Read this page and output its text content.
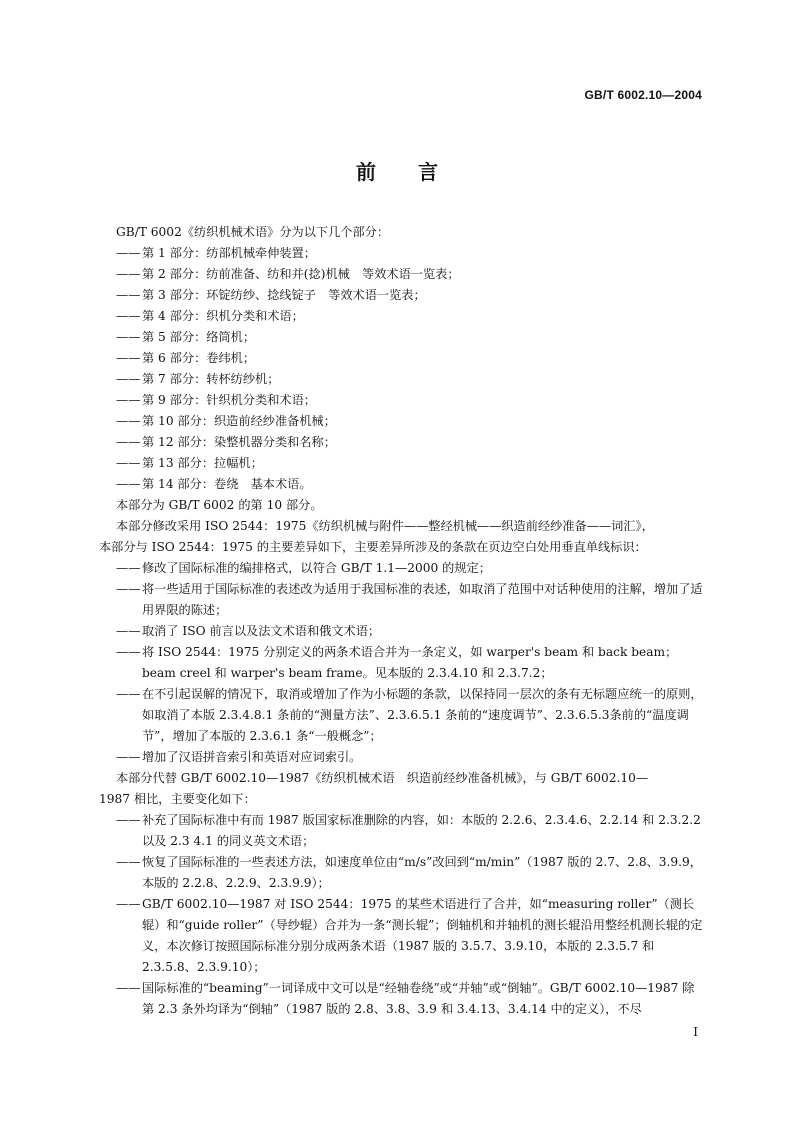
GB/T 6002.10—2004
前言
GB/T 6002《纺织机械术语》分为以下几个部分：
—— 第 1 部分：纺部机械牵伸装置；
—— 第 2 部分：纺前准备、纺和并(捻)机械　等效术语一览表；
—— 第 3 部分：环锭纺纱、捻线锭子　等效术语一览表；
—— 第 4 部分：织机分类和术语；
—— 第 5 部分：络筒机；
—— 第 6 部分：卷纬机；
—— 第 7 部分：转杯纺纱机；
—— 第 9 部分：针织机分类和术语；
—— 第 10 部分：织造前经纱准备机械；
—— 第 12 部分：染整机器分类和名称；
—— 第 13 部分：拉幅机；
—— 第 14 部分：卷绕　基本术语。
本部分为 GB/T 6002 的第 10 部分。
本部分修改采用 ISO 2544：1975《纺织机械与附件——整经机械——织造前经纱准备——词汇》，
本部分与 ISO 2544：1975 的主要差异如下，主要差异所涉及的条款在页边空白处用垂直单线标识：
—— 修改了国际标准的编排格式，以符合 GB/T 1.1—2000 的规定；
—— 将一些适用于国际标准的表述改为适用于我国标准的表述，如取消了范围中对话种使用的注解，增加了适用界限的陈述；
—— 取消了 ISO 前言以及法文术语和俄文术语；
—— 将 ISO 2544：1975 分别定义的两条术语合并为一条定义，如 warper's beam 和 back beam；beam creel 和 warper's beam frame。见本版的 2.3.4.10 和 2.3.7.2；
—— 在不引起误解的情况下，取消或增加了作为小标题的条款，以保持同一层次的条有无标题应统一的原则，如取消了本版 2.3.4.8.1 条前的“测量方法”、2.3.6.5.1 条前的“速度调节”、2.3.6.5.3条前的“温度调节”，增加了本版的 2.3.6.1 条“一般概念”；
—— 增加了汉语拼音索引和英语对应词索引。
本部分代替 GB/T 6002.10—1987《纺织机械术语　织造前经纱准备机械》，与 GB/T 6002.10—
1987 相比，主要变化如下：
—— 补充了国际标准中有而 1987 版国家标准删除的内容，如：本版的 2.2.6、2.3.4.6、2.2.14 和 2.3.2.2 以及 2.3 4.1 的同义英文术语；
—— 恢复了国际标准的一些表述方法，如速度单位由“m/s”改回到“m/min”（1987 版的 2.7、2.8、3.9.9，本版的 2.2.8、2.2.9、2.3.9.9）；
—— GB/T 6002.10—1987 对 ISO 2544：1975 的某些术语进行了合并，如“measuring roller”（测长辊）和“guide roller”（导纱辊）合并为一条“测长辊”；倒轴机和并轴机的测长辊沿用整经机测长辊的定义，本次修订按照国际标准分别分成两条术语（1987 版的 3.5.7、3.9.10，本版的 2.3.5.7 和 2.3.5.8、2.3.9.10）；
—— 国际标准的“beaming”一词译成中文可以是“经轴卷绕”或“并轴”或“倒轴”。GB/T 6002.10—1987 除第 2.3 条外均译为“倒轴”（1987 版的 2.8、3.8、3.9 和 3.4.13、3.4.14 中的定义），不尽
I
